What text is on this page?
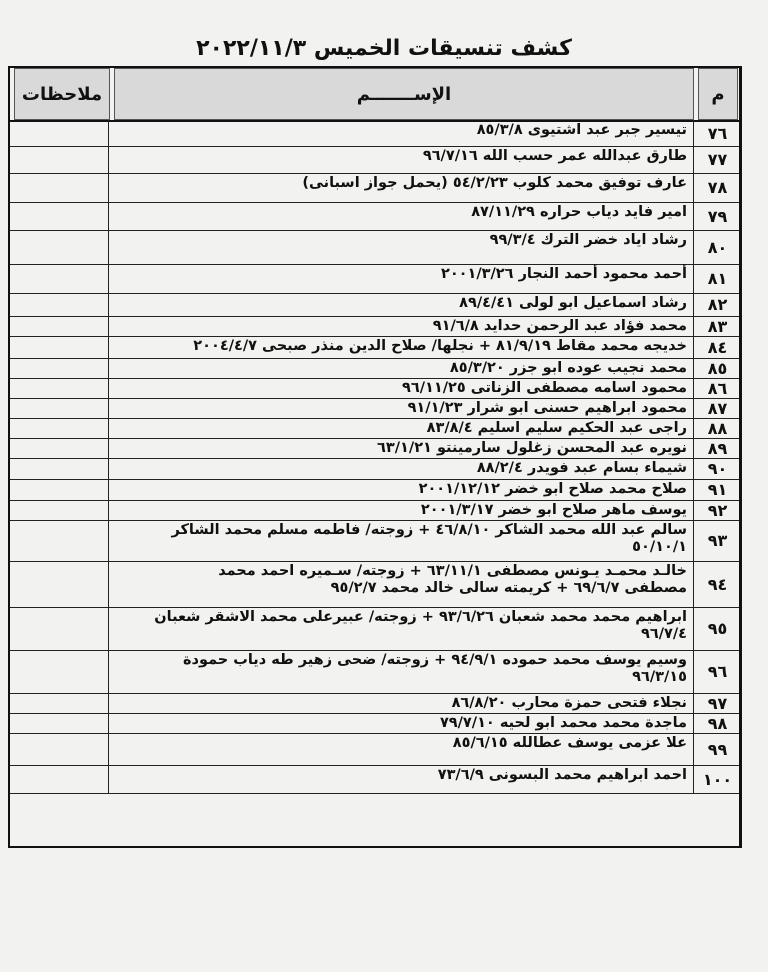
كشف تنسيقات الخميس ٢٠٢٢/١١/٣
ملاحظات	الإســـــــم	م
تيسير جبر عبد اشتيوى ٨٥/٣/٨	٧٦
طارق عبدالله عمر حسب الله ٩٦/٧/١٦	٧٧
عارف توفيق محمد كلوب ٥٤/٢/٢٣ (يحمل جواز اسبانى)	٧٨
امير فايد دياب حراره ٨٧/١١/٢٩	٧٩
رشاد اياد خضر الترك ٩٩/٣/٤	٨٠
أحمد محمود أحمد النجار ٢٠٠١/٣/٢٦	٨١
رشاد اسماعيل ابو لولى ٨٩/٤/٤١	٨٢
محمد فؤاد عبد الرحمن حدايد ٩١/٦/٨	٨٣
خديجه محمد مقاط ٨١/٩/١٩ + نجلها/ صلاح الدين منذر صبحى ٢٠٠٤/٤/٧	٨٤
محمد نجيب عوده ابو جزر ٨٥/٣/٢٠	٨٥
محمود اسامه مصطفى الزناتى ٩٦/١١/٢٥	٨٦
محمود ابراهيم حسنى ابو شرار ٩١/١/٢٣	٨٧
راجى عبد الحكيم سليم اسليم ٨٣/٨/٤	٨٨
نويره عبد المحسن زغلول سارمينتو ٦٣/١/٢١	٨٩
شيماء بسام عبد فويدر ٨٨/٢/٤	٩٠
صلاح محمد صلاح ابو خضر ٢٠٠١/١٢/١٢	٩١
يوسف ماهر صلاح ابو خضر ٢٠٠١/٣/١٧	٩٢
سالم عبد الله محمد الشاكر ٤٦/٨/١٠ + زوجته/ فاطمه مسلم محمد الشاكر
٥٠/١٠/١	٩٣
خالـد محمـد يـونس مصطفى ٦٣/١١/١ + زوجته/ سـميره احمد محمد
مصطفى ٦٩/٦/٧ + كريمته سالى خالد محمد ٩٥/٢/٧	٩٤
ابراهيم محمد محمد شعبان ٩٣/٦/٢٦ + زوجته/ عبيرعلى محمد الاشقر شعبان
٩٦/٧/٤	٩٥
وسيم يوسف محمد حموده ٩٤/٩/١ + زوجته/ ضحى زهير طه دياب حمودة
٩٦/٣/١٥	٩٦
نجلاء فتحى حمزة محارب ٨٦/٨/٢٠	٩٧
ماجدة محمد محمد ابو لحيه ٧٩/٧/١٠	٩٨
علا عزمى يوسف عطالله ٨٥/٦/١٥	٩٩
احمد ابراهيم محمد البسونى ٧٣/٦/٩ ١٠٠
